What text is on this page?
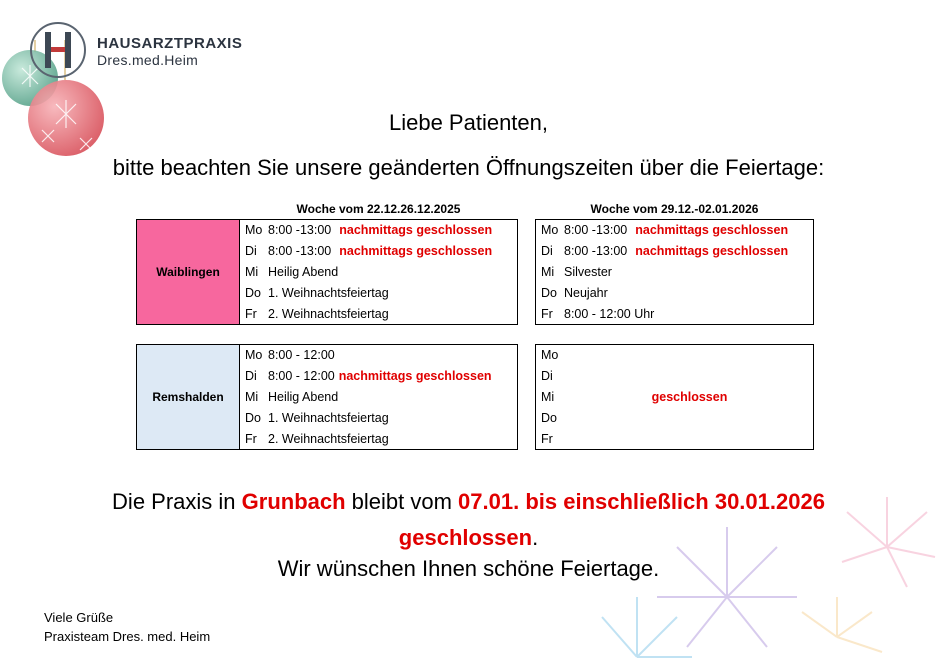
HAUSARZTPRAXIS
Dres.med.Heim
Liebe Patienten,
bitte beachten Sie unsere geänderten Öffnungszeiten über die Feiertage:
Woche vom 22.12.26.12.2025	Woche vom 29.12.-02.01.2026
Waiblingen
Mo 8:00 -13:00 nachmittags geschlossen
Di 8:00 -13:00 nachmittags geschlossen
Mi Heilig Abend
Do 1. Weihnachtsfeiertag
Fr 2. Weihnachtsfeiertag
Mo 8:00 -13:00 nachmittags geschlossen
Di 8:00 -13:00 nachmittags geschlossen
Mi Silvester
Do Neujahr
Fr 8:00 - 12:00 Uhr
Remshalden
Mo 8:00 - 12:00
Di 8:00 - 12:00 nachmittags geschlossen
Mi Heilig Abend
Do 1. Weihnachtsfeiertag
Fr 2. Weihnachtsfeiertag
Mo
Di
Mi
Do
Fr
geschlossen
Die Praxis in Grunbach bleibt vom 07.01. bis einschließlich 30.01.2026
geschlossen.
Wir wünschen Ihnen schöne Feiertage.
Viele Grüße
Praxisteam Dres. med. Heim
